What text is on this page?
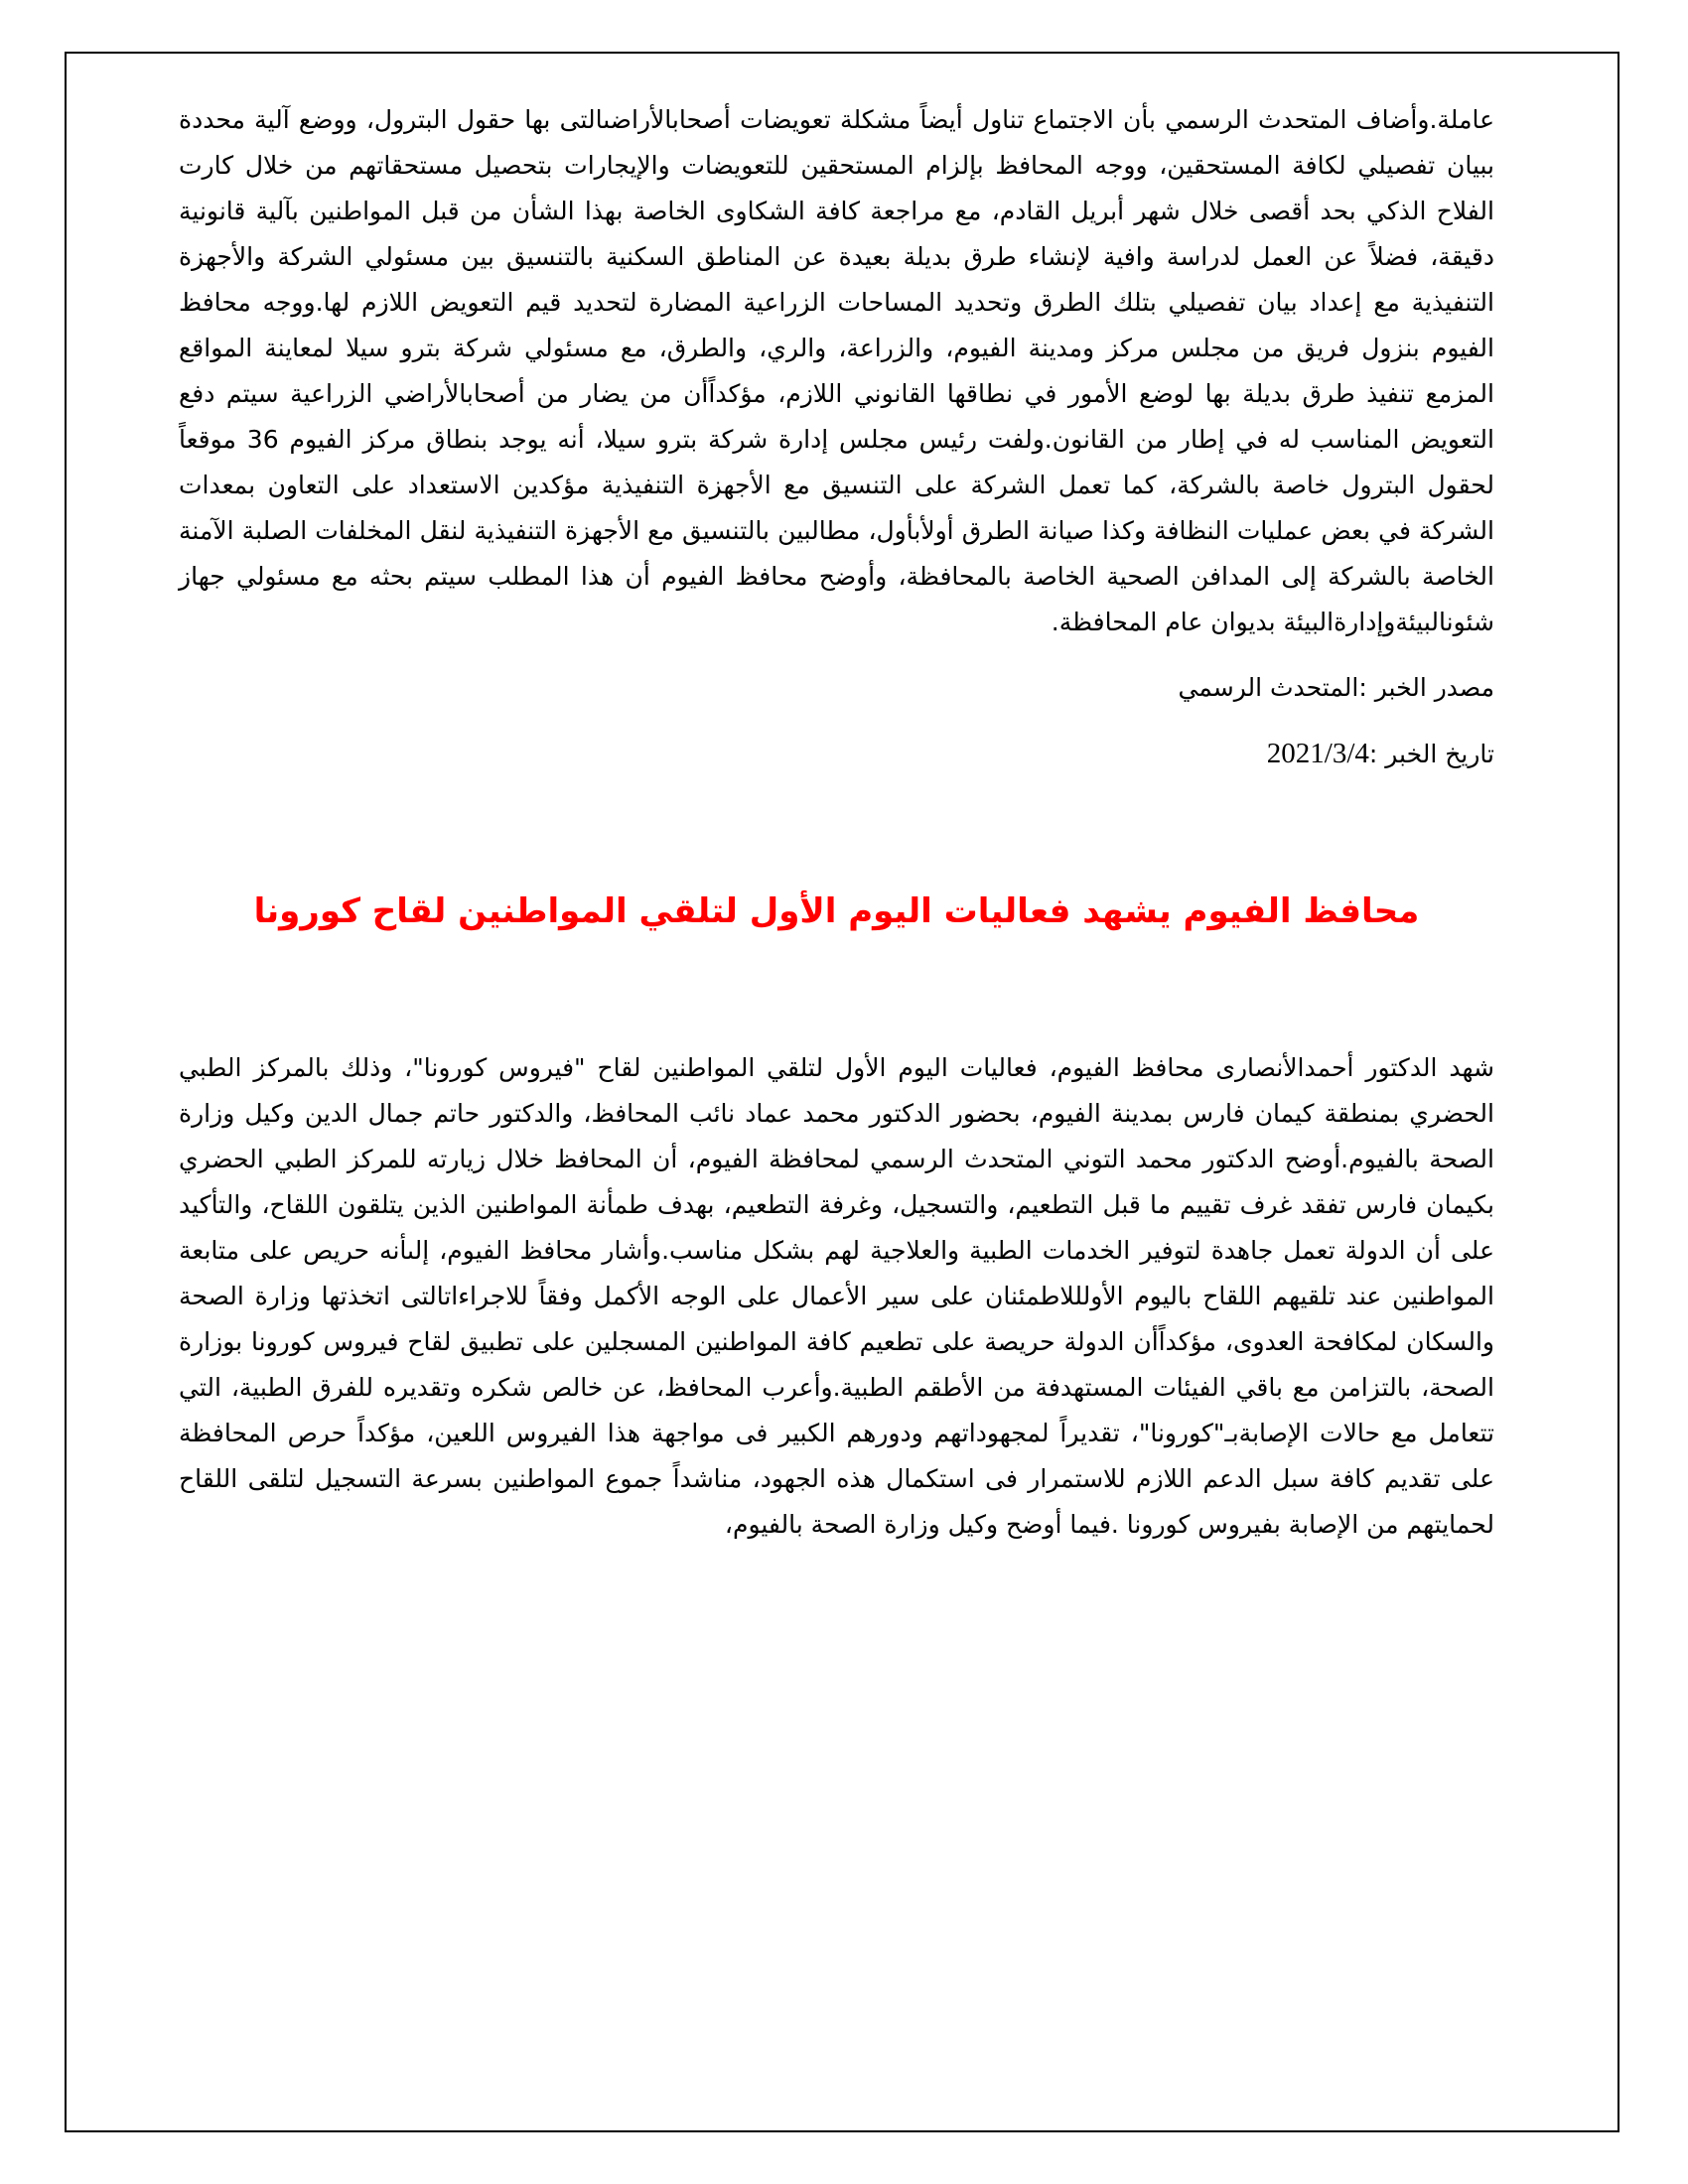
عاملة.وأضاف المتحدث الرسمي بأن الاجتماع تناول أيضاً مشكلة تعويضات أصحابالأراضىالتى بها حقول البترول، ووضع آلية محددة ببيان تفصيلي لكافة المستحقين، ووجه المحافظ بإلزام المستحقين للتعويضات والإيجارات بتحصيل مستحقاتهم من خلال كارت الفلاح الذكي بحد أقصى خلال شهر أبريل القادم، مع مراجعة كافة الشكاوى الخاصة بهذا الشأن من قبل المواطنين بآلية قانونية دقيقة، فضلاً عن العمل لدراسة وافية لإنشاء طرق بديلة بعيدة عن المناطق السكنية بالتنسيق بين مسئولي الشركة والأجهزة التنفيذية مع إعداد بيان تفصيلي بتلك الطرق وتحديد المساحات الزراعية المضارة لتحديد قيم التعويض اللازم لها.ووجه محافظ الفيوم بنزول فريق من مجلس مركز ومدينة الفيوم، والزراعة، والري، والطرق، مع مسئولي شركة بترو سيلا لمعاينة المواقع المزمع تنفيذ طرق بديلة بها لوضع الأمور في نطاقها القانوني اللازم، مؤكداًأن من يضار من أصحابالأراضي الزراعية سيتم دفع التعويض المناسب له في إطار من القانون.ولفت رئيس مجلس إدارة شركة بترو سيلا، أنه يوجد بنطاق مركز الفيوم 36 موقعاً لحقول البترول خاصة بالشركة، كما تعمل الشركة على التنسيق مع الأجهزة التنفيذية مؤكدين الاستعداد على التعاون بمعدات الشركة في بعض عمليات النظافة وكذا صيانة الطرق أولأبأول، مطالبين بالتنسيق مع الأجهزة التنفيذية لنقل المخلفات الصلبة الآمنة الخاصة بالشركة إلى المدافن الصحية الخاصة بالمحافظة، وأوضح محافظ الفيوم أن هذا المطلب سيتم بحثه مع مسئولي جهاز شئونالبيئةوإدارةالبيئة بديوان عام المحافظة.

مصدر الخبر :المتحدث الرسمي

تاريخ الخبر :2021/3/4

محافظ الفيوم يشهد فعاليات اليوم الأول لتلقي المواطنين لقاح كورونا

شهد الدكتور أحمدالأنصارى محافظ الفيوم، فعاليات اليوم الأول لتلقي المواطنين لقاح "فيروس كورونا"، وذلك بالمركز الطبي الحضري بمنطقة كيمان فارس بمدينة الفيوم، بحضور الدكتور محمد عماد نائب المحافظ، والدكتور حاتم جمال الدين وكيل وزارة الصحة بالفيوم.أوضح الدكتور محمد التوني المتحدث الرسمي لمحافظة الفيوم، أن المحافظ خلال زيارته للمركز الطبي الحضري بكيمان فارس تفقد غرف تقييم ما قبل التطعيم، والتسجيل، وغرفة التطعيم، بهدف طمأنة المواطنين الذين يتلقون اللقاح، والتأكيد على أن الدولة تعمل جاهدة لتوفير الخدمات الطبية والعلاجية لهم بشكل مناسب.وأشار محافظ الفيوم، إلىأنه حريص على متابعة المواطنين عند تلقيهم اللقاح باليوم الأولللاطمئنان على سير الأعمال على الوجه الأكمل وفقاً للاجراءاتالتى اتخذتها وزارة الصحة والسكان لمكافحة العدوى، مؤكداًأن الدولة حريصة على تطعيم كافة المواطنين المسجلين على تطبيق لقاح فيروس كورونا بوزارة الصحة، بالتزامن مع باقي الفيئات المستهدفة من الأطقم الطبية.وأعرب المحافظ، عن خالص شكره وتقديره للفرق الطبية، التي تتعامل مع حالات الإصابةبـ"كورونا"، تقديراً لمجهوداتهم ودورهم الكبير فى مواجهة هذا الفيروس اللعين، مؤكداً حرص المحافظة على تقديم كافة سبل الدعم اللازم للاستمرار فى استكمال هذه الجهود، مناشداً جموع المواطنين بسرعة التسجيل لتلقى اللقاح لحمايتهم من الإصابة بفيروس كورونا .فيما أوضح وكيل وزارة الصحة بالفيوم،
